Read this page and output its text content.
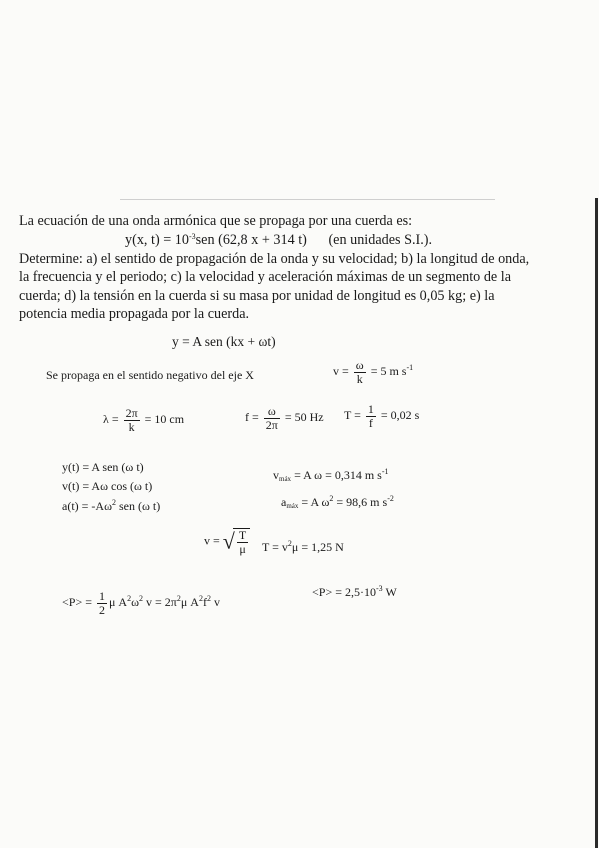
La ecuación de una onda armónica que se propaga por una cuerda es:
y(x, $t) = 10^{-3}sen$ (62,8 x + 314 t) (en unidades S.I.).
Determine: a) el sentido de propagación de la onda y su velocidad; b) la longitud de onda,
la frecuencia y el periodo; c) la velocidad y aceleración máximas de un segmento de la
cuerda; d) la tensión en la cuerda si su masa por unidad de longitud es 0,05 kg; e) la
potencia media propagada por la cuerda.
y = A sen (kx + ωt)
Se propaga en el sentido negativo del eje X	$v = \frac{\omega}{k} = 5$ m $s^{-1}$
$\lambda = \frac{2\pi}{k} = 10$ cm	$f = \frac{\omega}{2\pi} = 50$ Hz $T = \frac{1}{f} = 0,02$ s
y(t) = A sen (ω t)
v(t) = Aω cos (ω t)
$a(t) = -A\omega^2$ sen (ω t)
$v_{máx} = A$ ω = 0,314 m $s^{-1}$
$a_{máx} = A$ $\omega^2 = 98,6$ m $s^{-2}$
v = √ $\frac{T}{\mu}$ $T = v^2\mu = 1,25$ N
$<P> = \frac{1}{2}$ μ $A^2\omega^2$ $v = 2\pi^2\mu$ $A^2f^2$ v
$<P> = 2,5\cdot 10^{-3}$ W
